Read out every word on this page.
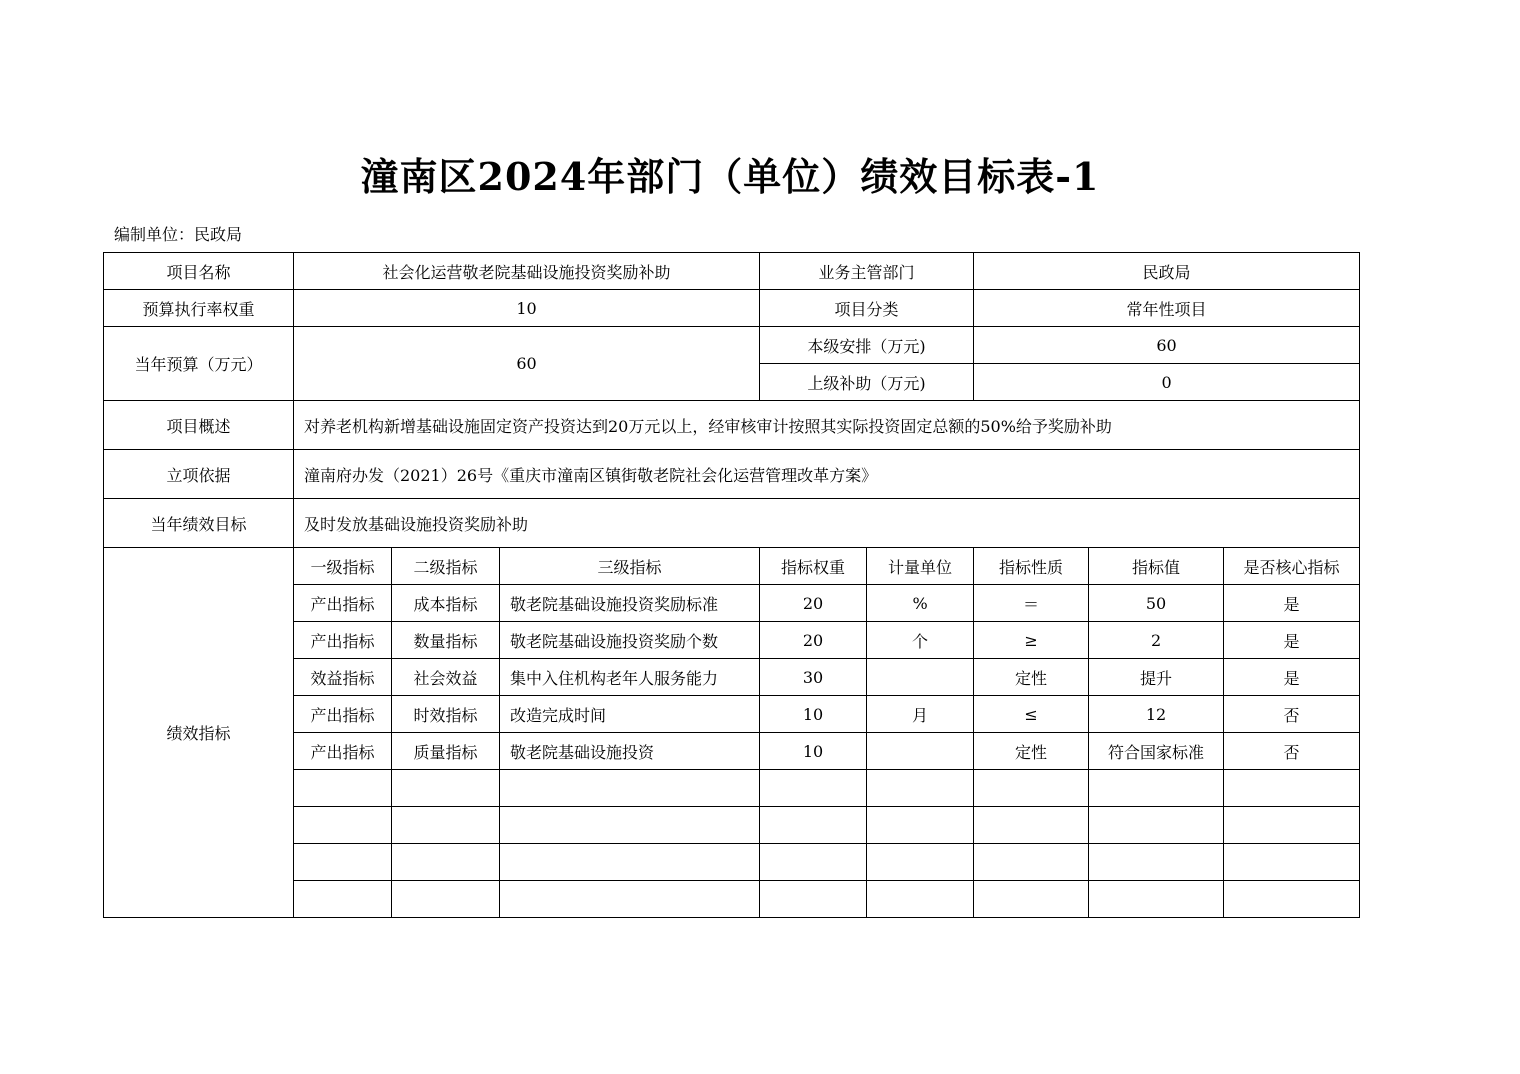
潼南区2024年部门（单位）绩效目标表-1
编制单位：民政局
项目名称	社会化运营敬老院基础设施投资奖励补助			业务主管部门		民政局		
预算执行率权重	10			项目分类		常年性项目		
当年预算（万元）	60			本级安排（万元)		60		
				上级补助（万元)		0		
项目概述	对养老机构新增基础设施固定资产投资达到20万元以上，经审核审计按照其实际投资固定总额的50%给予奖励补助							
立项依据	潼南府办发（2021）26号《重庆市潼南区镇街敬老院社会化运营管理改革方案》							
当年绩效目标	及时发放基础设施投资奖励补助							
绩效指标	一级指标	二级指标	三级指标	指标权重	计量单位	指标性质	指标值	是否核心指标
	产出指标	成本指标	敬老院基础设施投资奖励标准	20	%	＝	50	是
	产出指标	数量指标	敬老院基础设施投资奖励个数	20	个	≥	2	是
	效益指标	社会效益	集中入住机构老年人服务能力	30		定性	提升	是
	产出指标	时效指标	改造完成时间	10	月	≤	12	否
	产出指标	质量指标	敬老院基础设施投资	10		定性	符合国家标准	否
